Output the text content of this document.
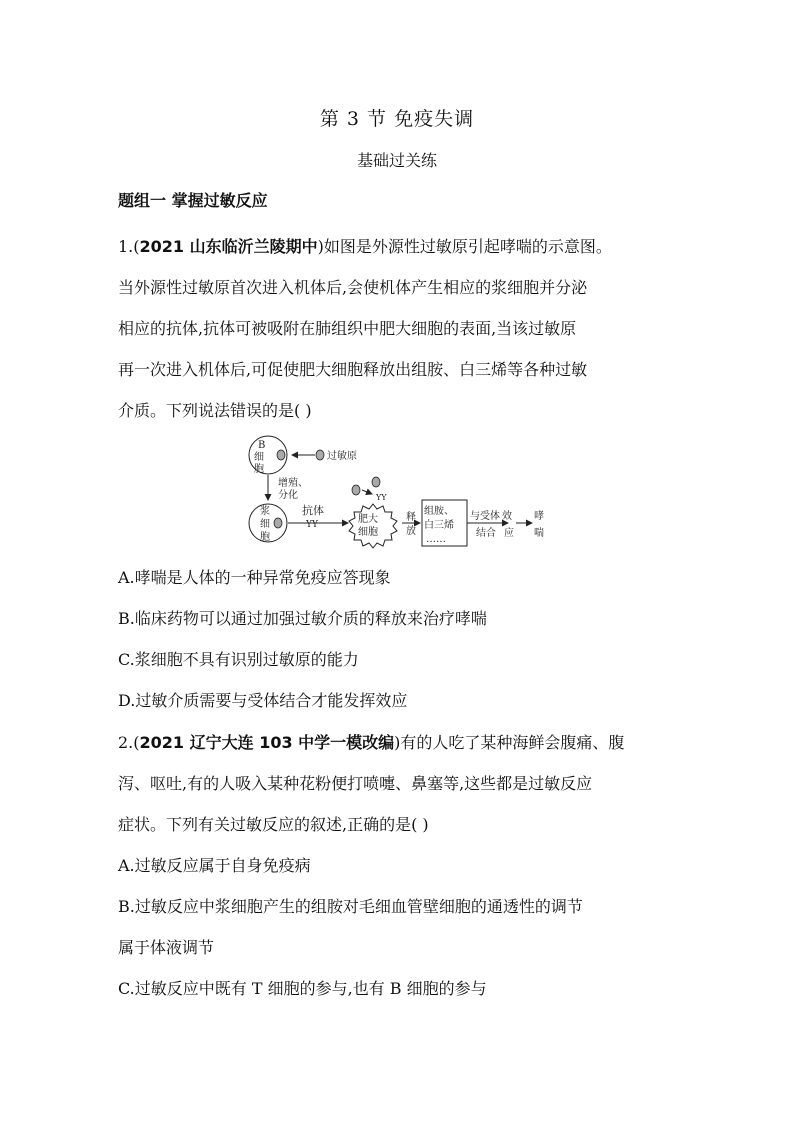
第 3 节 免疫失调
基础过关练
题组一 掌握过敏反应
1.(2021 山东临沂兰陵期中)如图是外源性过敏原引起哮喘的示意图。
当外源性过敏原首次进入机体后,会使机体产生相应的浆细胞并分泌
相应的抗体,抗体可被吸附在肺组织中肥大细胞的表面,当该过敏原
再一次进入机体后,可促使肥大细胞释放出组胺、白三烯等各种过敏
介质。下列说法错误的是( )
B
细
胞
过敏原
增殖、
分化
浆
细
胞
抗体
YY	肥大
细胞
YY
释
放
组胺、
白三烯
……
与受体
结合
效
应
哮
喘
A.哮喘是人体的一种异常免疫应答现象
B.临床药物可以通过加强过敏介质的释放来治疗哮喘
C.浆细胞不具有识别过敏原的能力
D.过敏介质需要与受体结合才能发挥效应
2.(2021 辽宁大连 103 中学一模改编)有的人吃了某种海鲜会腹痛、腹
泻、呕吐,有的人吸入某种花粉便打喷嚏、鼻塞等,这些都是过敏反应
症状。下列有关过敏反应的叙述,正确的是( )
A.过敏反应属于自身免疫病
B.过敏反应中浆细胞产生的组胺对毛细血管壁细胞的通透性的调节
属于体液调节
C.过敏反应中既有 T 细胞的参与,也有 B 细胞的参与
